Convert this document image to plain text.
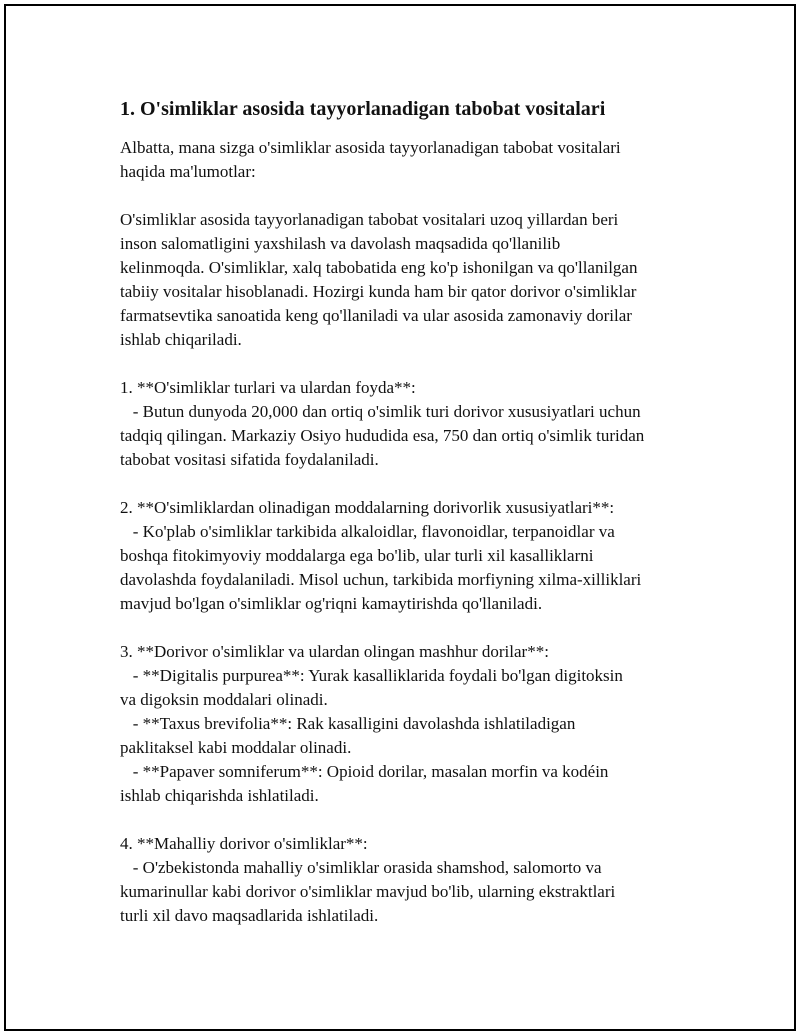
1. O'simliklar asosida tayyorlanadigan tabobat vositalari
Albatta, mana sizga o'simliklar asosida tayyorlanadigan tabobat vositalari
haqida ma'lumotlar:
O'simliklar asosida tayyorlanadigan tabobat vositalari uzoq yillardan beri
inson salomatligini yaxshilash va davolash maqsadida qo'llanilib
kelinmoqda. O'simliklar, xalq tabobatida eng ko'p ishonilgan va qo'llanilgan
tabiiy vositalar hisoblanadi. Hozirgi kunda ham bir qator dorivor o'simliklar
farmatsevtika sanoatida keng qo'llaniladi va ular asosida zamonaviy dorilar
ishlab chiqariladi.
1. **O'simliklar turlari va ulardan foyda**:
- Butun dunyoda 20,000 dan ortiq o'simlik turi dorivor xususiyatlari uchun
tadqiq qilingan. Markaziy Osiyo hududida esa, 750 dan ortiq o'simlik turidan
tabobat vositasi sifatida foydalaniladi.
2. **O'simliklardan olinadigan moddalarning dorivorlik xususiyatlari**:
- Ko'plab o'simliklar tarkibida alkaloidlar, flavonoidlar, terpanoidlar va
boshqa fitokimyoviy moddalarga ega bo'lib, ular turli xil kasalliklarni
davolashda foydalaniladi. Misol uchun, tarkibida morfiyning xilma-xilliklari
mavjud bo'lgan o'simliklar og'riqni kamaytirishda qo'llaniladi.
3. **Dorivor o'simliklar va ulardan olingan mashhur dorilar**:
- **Digitalis purpurea**: Yurak kasalliklarida foydali bo'lgan digitoksin
va digoksin moddalari olinadi.
- **Taxus brevifolia**: Rak kasalligini davolashda ishlatiladigan
paklitaksel kabi moddalar olinadi.
- **Papaver somniferum**: Opioid dorilar, masalan morfin va kodéin
ishlab chiqarishda ishlatiladi.
4. **Mahalliy dorivor o'simliklar**:
- O'zbekistonda mahalliy o'simliklar orasida shamshod, salomorto va
kumarinullar kabi dorivor o'simliklar mavjud bo'lib, ularning ekstraktlari
turli xil davo maqsadlarida ishlatiladi.
